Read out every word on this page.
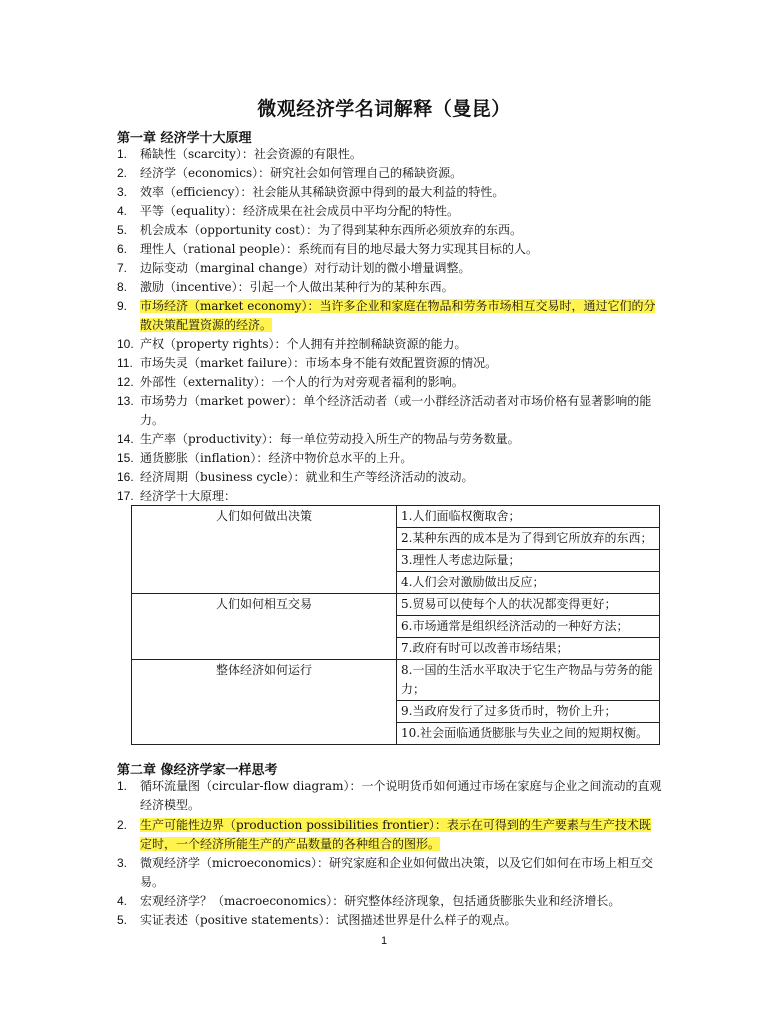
微观经济学名词解释（曼昆）
第一章 经济学十大原理
1. 稀缺性（scarcity）：社会资源的有限性。
2. 经济学（economics）：研究社会如何管理自己的稀缺资源。
3. 效率（efficiency）：社会能从其稀缺资源中得到的最大利益的特性。
4. 平等（equality）：经济成果在社会成员中平均分配的特性。
5. 机会成本（opportunity cost）：为了得到某种东西所必须放弃的东西。
6. 理性人（rational people）：系统而有目的地尽最大努力实现其目标的人。
7. 边际变动（marginal change）对行动计划的微小增量调整。
8. 激励（incentive）：引起一个人做出某种行为的某种东西。
9. 市场经济（market economy）：当许多企业和家庭在物品和劳务市场相互交易时，通过它们的分散决策配置资源的经济。
10. 产权（property rights）：个人拥有并控制稀缺资源的能力。
11. 市场失灵（market failure）：市场本身不能有效配置资源的情况。
12. 外部性（externality）：一个人的行为对旁观者福利的影响。
13. 市场势力（market power）：单个经济活动者（或一小群经济活动者对市场价格有显著影响的能力。
14. 生产率（productivity）：每一单位劳动投入所生产的物品与劳务数量。
15. 通货膨胀（inflation）：经济中物价总水平的上升。
16. 经济周期（business cycle）：就业和生产等经济活动的波动。
17. 经济学十大原理：
人们如何做出决策	1.人们面临权衡取舍；
	2.某种东西的成本是为了得到它所放弃的东西；
	3.理性人考虑边际量；
	4.人们会对激励做出反应；
人们如何相互交易	5.贸易可以使每个人的状况都变得更好；
	6.市场通常是组织经济活动的一种好方法；
	7.政府有时可以改善市场结果；
整体经济如何运行	8.一国的生活水平取决于它生产物品与劳务的能力；
	9.当政府发行了过多货币时，物价上升；
	10.社会面临通货膨胀与失业之间的短期权衡。
第二章 像经济学家一样思考
1. 循环流量图（circular-flow diagram）：一个说明货币如何通过市场在家庭与企业之间流动的直观经济模型。
2. 生产可能性边界（production possibilities frontier）：表示在可得到的生产要素与生产技术既定时，一个经济所能生产的产品数量的各种组合的图形。
3. 微观经济学（microeconomics）：研究家庭和企业如何做出决策，以及它们如何在市场上相互交易。
4. 宏观经济学？（macroeconomics）：研究整体经济现象，包括通货膨胀失业和经济增长。
5. 实证表述（positive statements）：试图描述世界是什么样子的观点。
1
